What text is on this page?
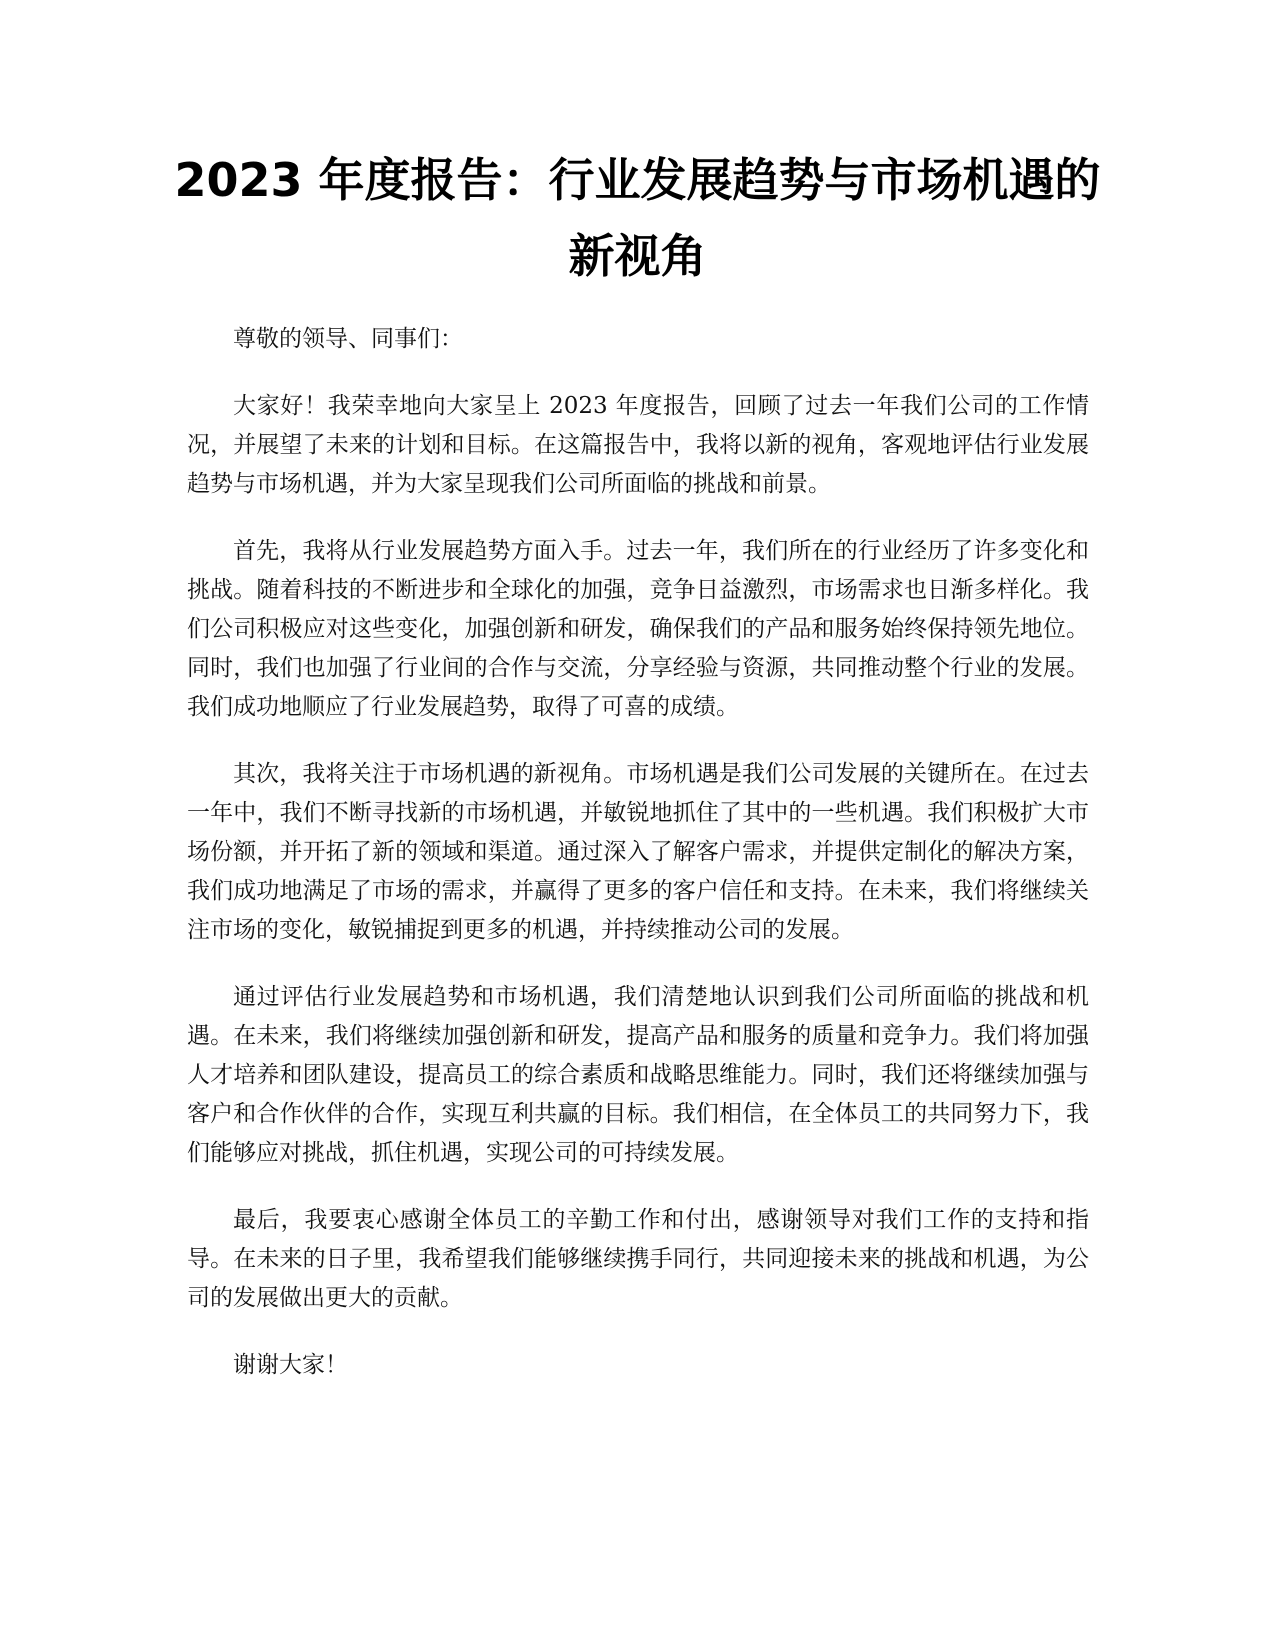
2023 年度报告：行业发展趋势与市场机遇的
新视角

尊敬的领导、同事们：

大家好！我荣幸地向大家呈上 2023 年度报告，回顾了过去一年我们公司的工作情况，并展望了未来的计划和目标。在这篇报告中，我将以新的视角，客观地评估行业发展趋势与市场机遇，并为大家呈现我们公司所面临的挑战和前景。

首先，我将从行业发展趋势方面入手。过去一年，我们所在的行业经历了许多变化和挑战。随着科技的不断进步和全球化的加强，竞争日益激烈，市场需求也日渐多样化。我们公司积极应对这些变化，加强创新和研发，确保我们的产品和服务始终保持领先地位。同时，我们也加强了行业间的合作与交流，分享经验与资源，共同推动整个行业的发展。我们成功地顺应了行业发展趋势，取得了可喜的成绩。

其次，我将关注于市场机遇的新视角。市场机遇是我们公司发展的关键所在。在过去一年中，我们不断寻找新的市场机遇，并敏锐地抓住了其中的一些机遇。我们积极扩大市场份额，并开拓了新的领域和渠道。通过深入了解客户需求，并提供定制化的解决方案，我们成功地满足了市场的需求，并赢得了更多的客户信任和支持。在未来，我们将继续关注市场的变化，敏锐捕捉到更多的机遇，并持续推动公司的发展。

通过评估行业发展趋势和市场机遇，我们清楚地认识到我们公司所面临的挑战和机遇。在未来，我们将继续加强创新和研发，提高产品和服务的质量和竞争力。我们将加强人才培养和团队建设，提高员工的综合素质和战略思维能力。同时，我们还将继续加强与客户和合作伙伴的合作，实现互利共赢的目标。我们相信，在全体员工的共同努力下，我们能够应对挑战，抓住机遇，实现公司的可持续发展。

最后，我要衷心感谢全体员工的辛勤工作和付出，感谢领导对我们工作的支持和指导。在未来的日子里，我希望我们能够继续携手同行，共同迎接未来的挑战和机遇，为公司的发展做出更大的贡献。

谢谢大家！
